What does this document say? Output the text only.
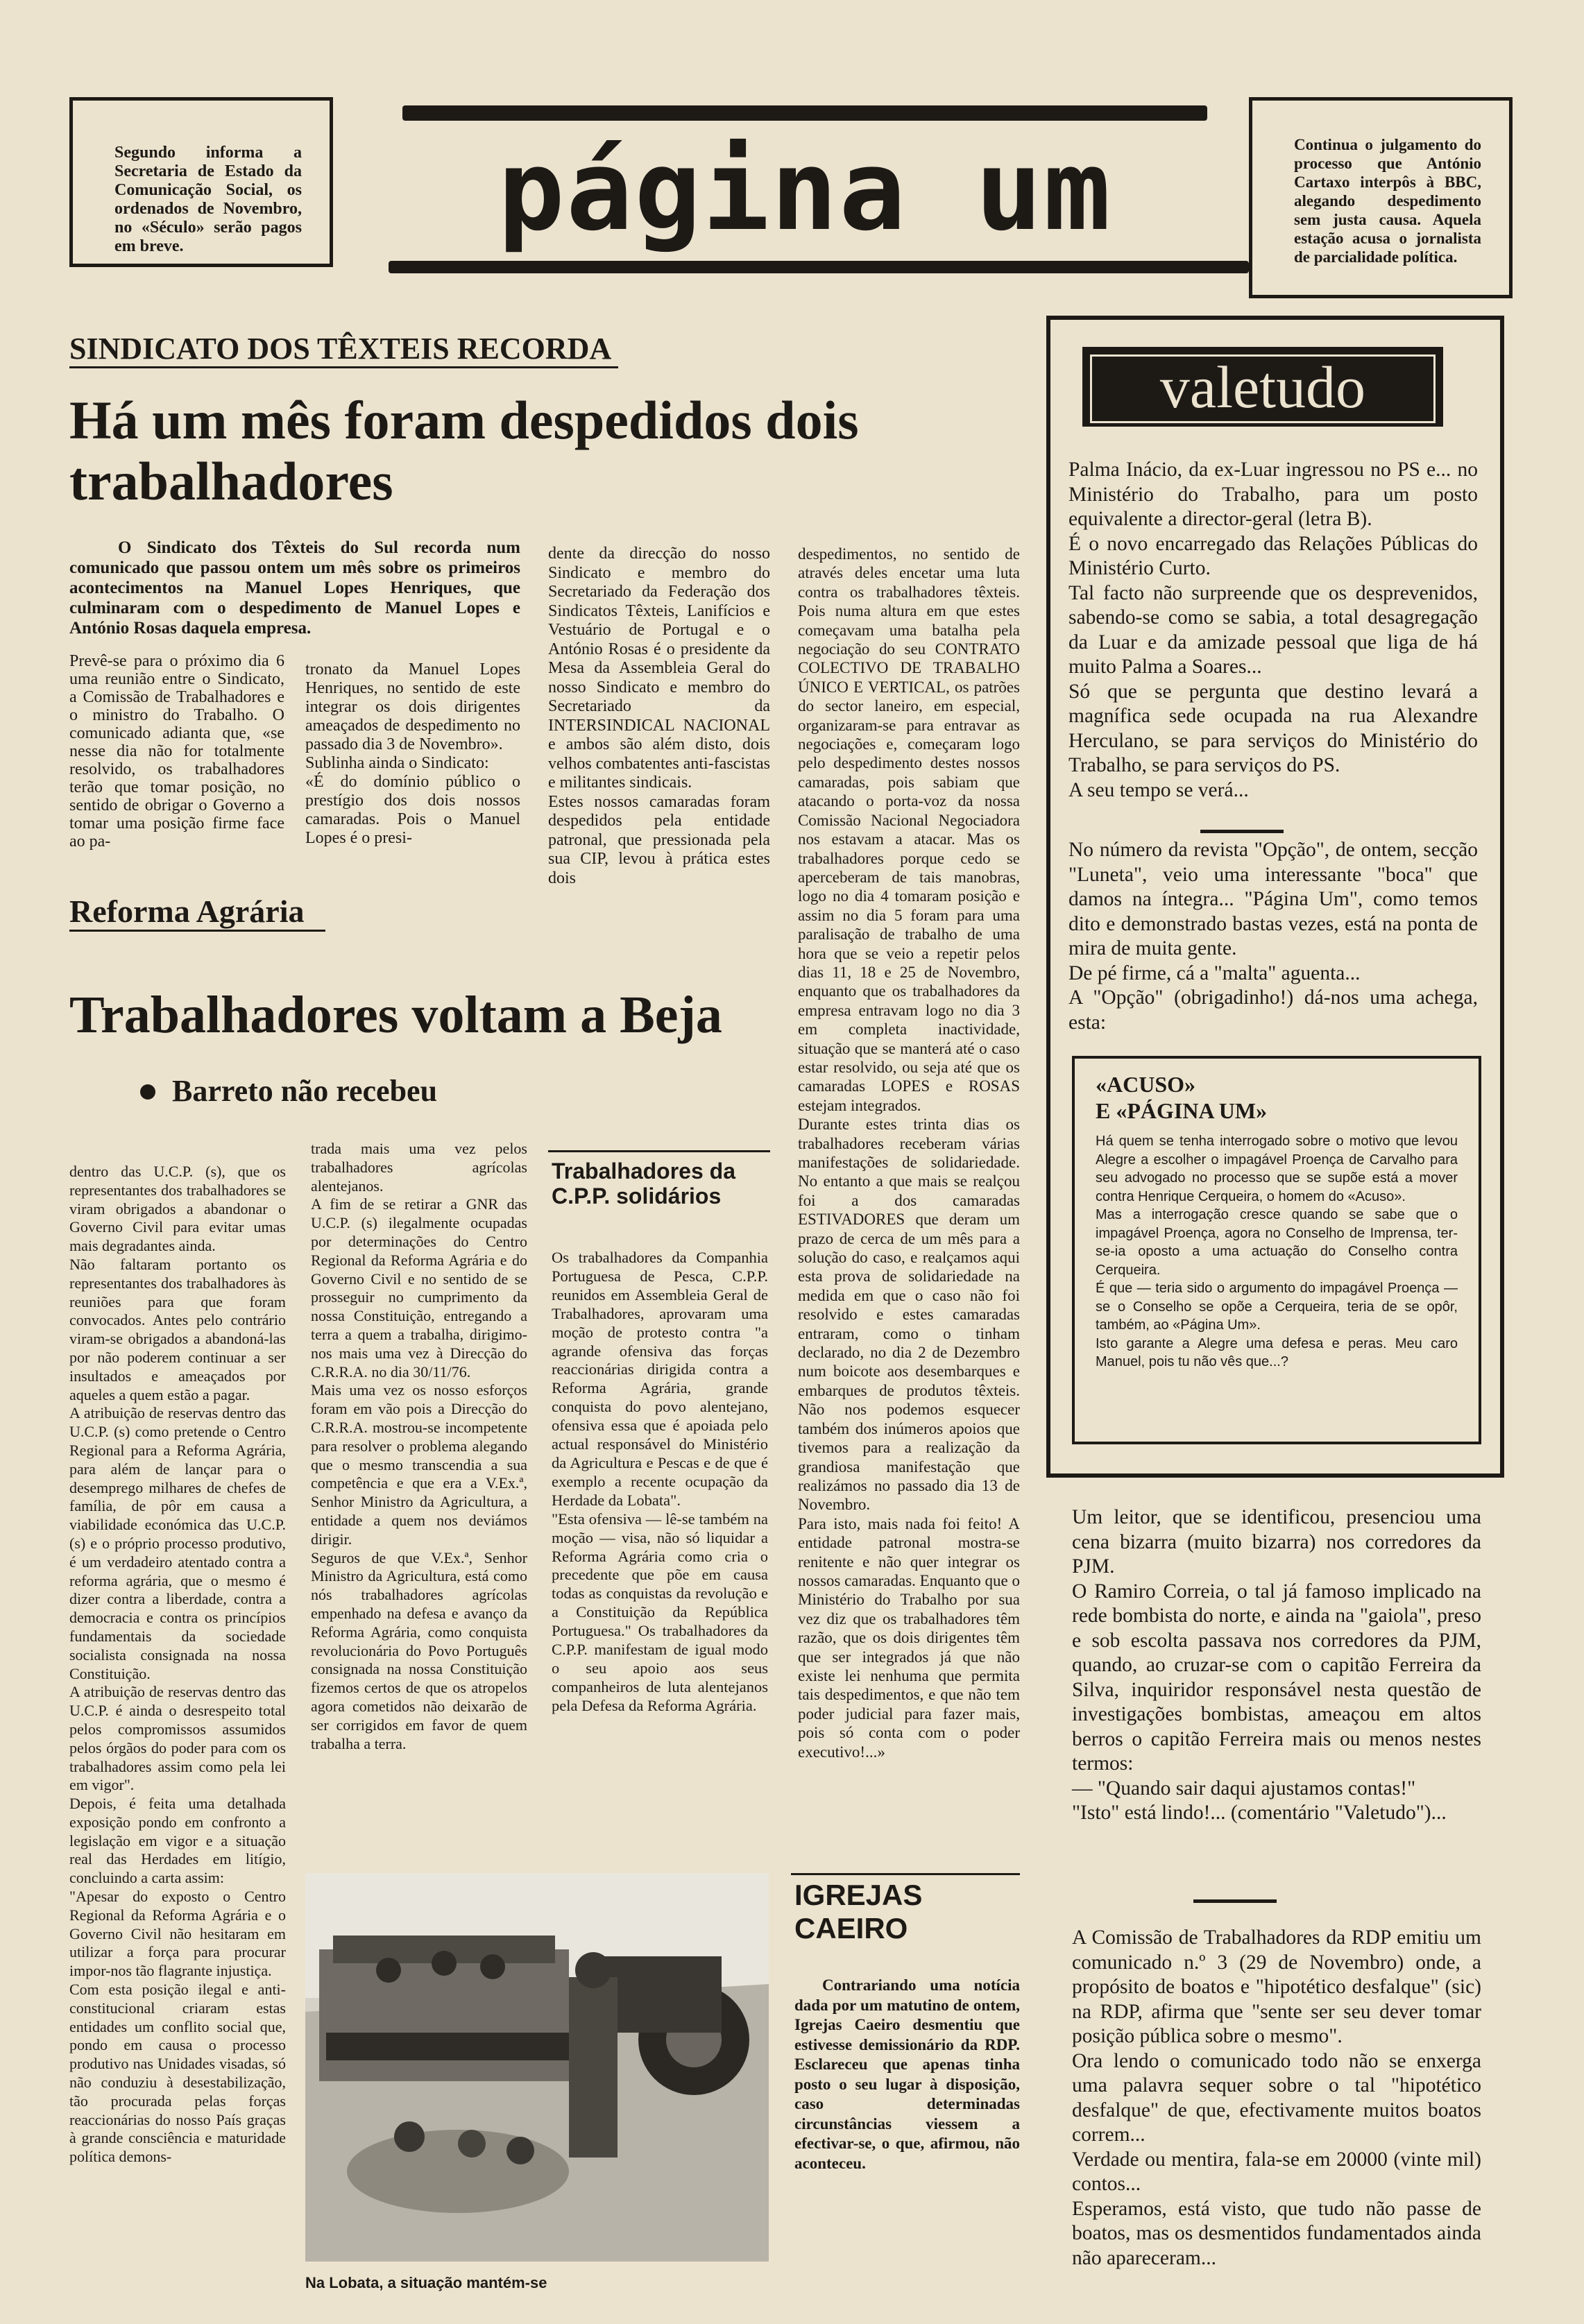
página um
Segundo informa a Secretaria de Estado da Comunicação Social, os ordenados de Novembro, no «Século» serão pagos em breve.
Continua o julgamento do processo que António Cartaxo interpôs à BBC, alegando despedimento sem justa causa. Aquela estação acusa o jornalista de parcialidade política.
SINDICATO DOS TÊXTEIS RECORDA
Há um mês foram despedidos dois trabalhadores
O Sindicato dos Têxteis do Sul recorda num comunicado que passou ontem um mês sobre os primeiros acontecimentos na Manuel Lopes Henriques, que culminaram com o despedimento de Manuel Lopes e António Rosas daquela empresa.
Prevê-se para o próximo dia 6 uma reunião entre o Sindicato, a Comissão de Trabalhadores e o ministro do Trabalho. O comunicado adianta que, «se nesse dia não for totalmente resolvido, os trabalhadores terão que tomar posição, no sentido de obrigar o Governo a tomar uma posição firme face ao pa-
tronato da Manuel Lopes Henriques, no sentido de este integrar os dois dirigentes ameaçados de despedimento no passado dia 3 de Novembro».
Sublinha ainda o Sindicato:
«É do domínio público o prestígio dos dois nossos camaradas. Pois o Manuel Lopes é o presi-
dente da direcção do nosso Sindicato e membro do Secretariado da Federação dos Sindicatos Têxteis, Lanifícios e Vestuário de Portugal e o António Rosas é o presidente da Mesa da Assembleia Geral do nosso Sindicato e membro do Secretariado da INTERSINDICAL NACIONAL e ambos são além disto, dois velhos combatentes anti-fascistas e militantes sindicais.
Estes nossos camaradas foram despedidos pela entidade patronal, que pressionada pela sua CIP, levou à prática estes dois
despedimentos, no sentido de através deles encetar uma luta contra os trabalhadores têxteis. Pois numa altura em que estes começavam uma batalha pela negociação do seu CONTRATO COLECTIVO DE TRABALHO ÚNICO E VERTICAL, os patrões do sector laneiro, em especial, organizaram-se para entravar as negociações e, começaram logo pelo despedimento destes nossos camaradas, pois sabiam que atacando o porta-voz da nossa Comissão Nacional Negociadora nos estavam a atacar. Mas os trabalhadores porque cedo se aperceberam de tais manobras, logo no dia 4 tomaram posição e assim no dia 5 foram para uma paralisação de trabalho de uma hora que se veio a repetir pelos dias 11, 18 e 25 de Novembro, enquanto que os trabalhadores da empresa entravam logo no dia 3 em completa inactividade, situação que se manterá até o caso estar resolvido, ou seja até que os camaradas LOPES e ROSAS estejam integrados.
Durante estes trinta dias os trabalhadores receberam várias manifestações de solidariedade. No entanto a que mais se realçou foi a dos camaradas ESTIVADORES que deram um prazo de cerca de um mês para a solução do caso, e realçamos aqui esta prova de solidariedade na medida em que o caso não foi resolvido e estes camaradas entraram, como o tinham declarado, no dia 2 de Dezembro num boicote aos desembarques e embarques de produtos têxteis. Não nos podemos esquecer também dos inúmeros apoios que tivemos para a realização da grandiosa manifestação que realizámos no passado dia 13 de Novembro.
Para isto, mais nada foi feito! A entidade patronal mostra-se renitente e não quer integrar os nossos camaradas. Enquanto que o Ministério do Trabalho por sua vez diz que os trabalhadores têm razão, que os dois dirigentes têm que ser integrados já que não existe lei nenhuma que permita tais despedimentos, e que não tem poder judicial para fazer mais, pois só conta com o poder executivo!...»
Reforma Agrária
Trabalhadores voltam a Beja
Barreto não recebeu
dentro das U.C.P. (s), que os representantes dos trabalhadores se viram obrigados a abandonar o Governo Civil para evitar umas mais degradantes ainda.
Não faltaram portanto os representantes dos trabalhadores às reuniões para que foram convocados. Antes pelo contrário viram-se obrigados a abandoná-las por não poderem continuar a ser insultados e ameaçados por aqueles a quem estão a pagar.
A atribuição de reservas dentro das U.C.P. (s) como pretende o Centro Regional para a Reforma Agrária, para além de lançar para o desemprego milhares de chefes de família, de pôr em causa a viabilidade económica das U.C.P. (s) e o próprio processo produtivo, é um verdadeiro atentado contra a reforma agrária, que o mesmo é dizer contra a liberdade, contra a democracia e contra os princípios fundamentais da sociedade socialista consignada na nossa Constituição.
A atribuição de reservas dentro das U.C.P. é ainda o desrespeito total pelos compromissos assumidos pelos órgãos do poder para com os trabalhadores assim como pela lei em vigor".
Depois, é feita uma detalhada exposição pondo em confronto a legislação em vigor e a situação real das Herdades em litígio, concluindo a carta assim:
"Apesar do exposto o Centro Regional da Reforma Agrária e o Governo Civil não hesitaram em utilizar a força para procurar impor-nos tão flagrante injustiça.
Com esta posição ilegal e anti-constitucional criaram estas entidades um conflito social que, pondo em causa o processo produtivo nas Unidades visadas, só não conduziu à desestabilização, tão procurada pelas forças reaccionárias do nosso País graças à grande consciência e maturidade política demons-
trada mais uma vez pelos trabalhadores agrícolas alentejanos.
A fim de se retirar a GNR das U.C.P. (s) ilegalmente ocupadas por determinações do Centro Regional da Reforma Agrária e do Governo Civil e no sentido de se prosseguir no cumprimento da nossa Constituição, entregando a terra a quem a trabalha, dirigimo-nos mais uma vez à Direcção do C.R.R.A. no dia 30/11/76.
Mais uma vez os nosso esforços foram em vão pois a Direcção do C.R.R.A. mostrou-se incompetente para resolver o problema alegando que o mesmo transcendia a sua competência e que era a V.Ex.ª, Senhor Ministro da Agricultura, a entidade a quem nos deviámos dirigir.
Seguros de que V.Ex.ª, Senhor Ministro da Agricultura, está como nós trabalhadores agrícolas empenhado na defesa e avanço da Reforma Agrária, como conquista revolucionária do Povo Português consignada na nossa Constituição fizemos certos de que os atropelos agora cometidos não deixarão de ser corrigidos em favor de quem trabalha a terra.
Na Lobata, a situação mantém-se
Trabalhadores da C.P.P. solidários
Os trabalhadores da Companhia Portuguesa de Pesca, C.P.P. reunidos em Assembleia Geral de Trabalhadores, aprovaram uma moção de protesto contra "a agrande ofensiva das forças reaccionárias dirigida contra a Reforma Agrária, grande conquista do povo alentejano, ofensiva essa que é apoiada pelo actual responsável do Ministério da Agricultura e Pescas e de que é exemplo a recente ocupação da Herdade da Lobata".
"Esta ofensiva — lê-se também na moção — visa, não só liquidar a Reforma Agrária como cria o precedente que põe em causa todas as conquistas da revolução e a Constituição da República Portuguesa." Os trabalhadores da C.P.P. manifestam de igual modo o seu apoio aos seus companheiros de luta alentejanos pela Defesa da Reforma Agrária.
IGREJAS CAEIRO
Contrariando uma notícia dada por um matutino de ontem, Igrejas Caeiro desmentiu que estivesse demissionário da RDP. Esclareceu que apenas tinha posto o seu lugar à disposição, caso determinadas circunstâncias viessem a efectivar-se, o que, afirmou, não aconteceu.
valetudo
Palma Inácio, da ex-Luar ingressou no PS e... no Ministério do Trabalho, para um posto equivalente a director-geral (letra B).
É o novo encarregado das Relações Públicas do Ministério Curto.
Tal facto não surpreende que os desprevenidos, sabendo-se como se sabia, a total desagregação da Luar e da amizade pessoal que liga de há muito Palma a Soares...
Só que se pergunta que destino levará a magnífica sede ocupada na rua Alexandre Herculano, se para serviços do Ministério do Trabalho, se para serviços do PS.
A seu tempo se verá...
No número da revista "Opção", de ontem, secção "Luneta", veio uma interessante "boca" que damos na íntegra... "Página Um", como temos dito e demonstrado bastas vezes, está na ponta de mira de muita gente.
De pé firme, cá a "malta" aguenta...
A "Opção" (obrigadinho!) dá-nos uma achega, esta:
«ACUSO»
E «PÁGINA UM»
Há quem se tenha interrogado sobre o motivo que levou Alegre a escolher o impagável Proença de Carvalho para seu advogado no processo que se supõe está a mover contra Henrique Cerqueira, o homem do «Acuso».
Mas a interrogação cresce quando se sabe que o impagável Proença, agora no Conselho de Imprensa, ter-se-ia oposto a uma actuação do Conselho contra Cerqueira.
É que — teria sido o argumento do impagável Proença — se o Conselho se opõe a Cerqueira, teria de se opôr, também, ao «Página Um».
Isto garante a Alegre uma defesa e peras. Meu caro Manuel, pois tu não vês que...?
Um leitor, que se identificou, presenciou uma cena bizarra (muito bizarra) nos corredores da PJM.
O Ramiro Correia, o tal já famoso implicado na rede bombista do norte, e ainda na "gaiola", preso e sob escolta passava nos corredores da PJM, quando, ao cruzar-se com o capitão Ferreira da Silva, inquiridor responsável nesta questão de investigações bombistas, ameaçou em altos berros o capitão Ferreira mais ou menos nestes termos:
— "Quando sair daqui ajustamos contas!"
"Isto" está lindo!... (comentário "Valetudo")...
A Comissão de Trabalhadores da RDP emitiu um comunicado n.º 3 (29 de Novembro) onde, a propósito de boatos e "hipotético desfalque" (sic) na RDP, afirma que "sente ser seu dever tomar posição pública sobre o mesmo".
Ora lendo o comunicado todo não se enxerga uma palavra sequer sobre o tal "hipotético desfalque" de que, efectivamente muitos boatos correm...
Verdade ou mentira, fala-se em 20000 (vinte mil) contos...
Esperamos, está visto, que tudo não passe de boatos, mas os desmentidos fundamentados ainda não apareceram...
